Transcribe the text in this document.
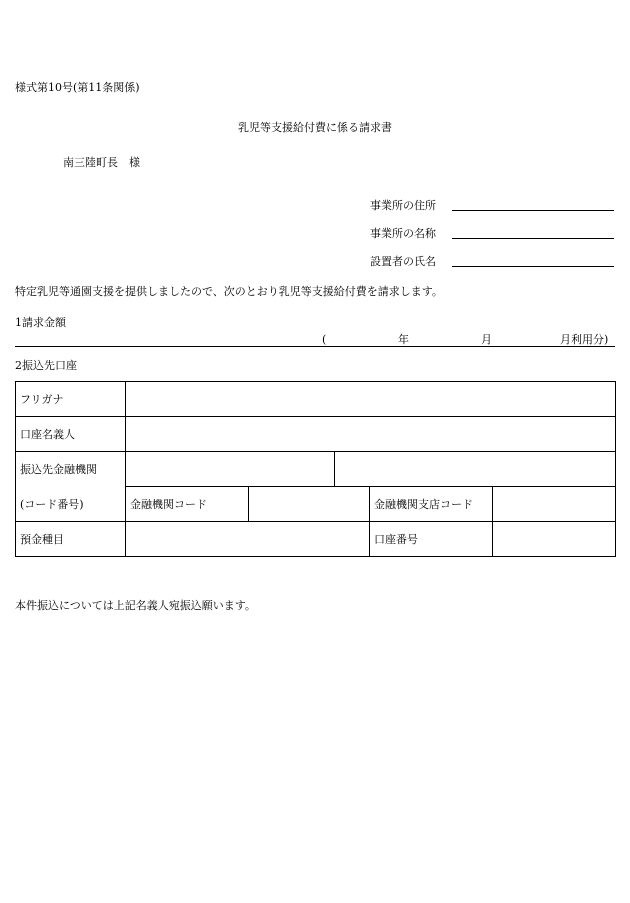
様式第10号(第11条関係)
乳児等支援給付費に係る請求書
南三陸町長　様
事業所の住所
事業所の名称
設置者の氏名
特定乳児等通園支援を提供しましたので、次のとおり乳児等支援給付費を請求します。
1請求金額
(	年	月	月利用分)
2振込先口座
フリガナ					
口座名義人					
振込先金融機関					
(コード番号)	金融機関コード			金融機関支店コード	
預金種目				口座番号	
本件振込については上記名義人宛振込願います。
